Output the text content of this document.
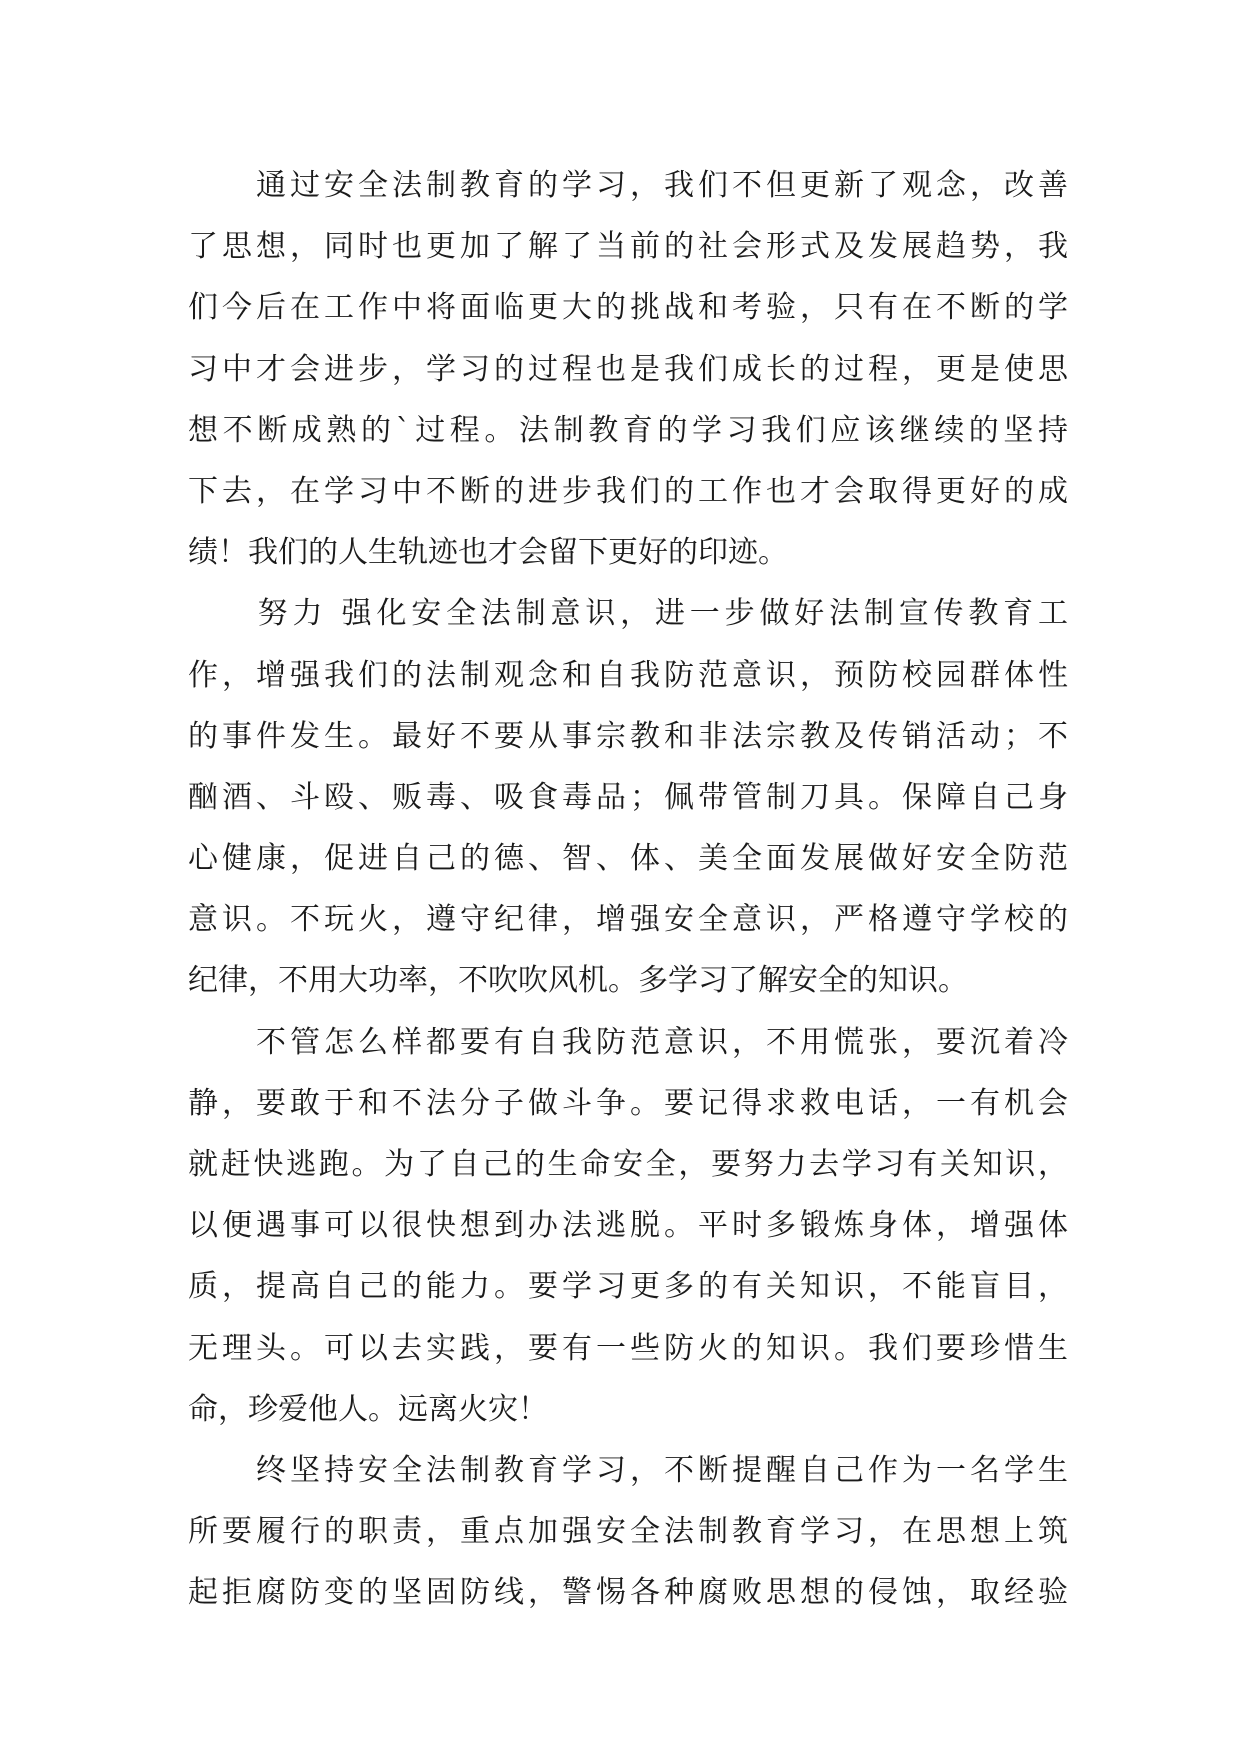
　　通过安全法制教育的学习，我们不但更新了观念，改善
了思想，同时也更加了解了当前的社会形式及发展趋势，我
们今后在工作中将面临更大的挑战和考验，只有在不断的学
习中才会进步，学习的过程也是我们成长的过程，更是使思
想不断成熟的`过程。法制教育的学习我们应该继续的坚持
下去，在学习中不断的进步我们的工作也才会取得更好的成
绩！我们的人生轨迹也才会留下更好的印迹。
　　努力 强化安全法制意识，进一步做好法制宣传教育工
作，增强我们的法制观念和自我防范意识，预防校园群体性
的事件发生。最好不要从事宗教和非法宗教及传销活动；不
酗酒、斗殴、贩毒、吸食毒品；佩带管制刀具。保障自己身
心健康，促进自己的德、智、体、美全面发展做好安全防范
意识。不玩火，遵守纪律，增强安全意识，严格遵守学校的
纪律，不用大功率，不吹吹风机。多学习了解安全的知识。
　　不管怎么样都要有自我防范意识，不用慌张，要沉着冷
静，要敢于和不法分子做斗争。要记得求救电话，一有机会
就赶快逃跑。为了自己的生命安全，要努力去学习有关知识，
以便遇事可以很快想到办法逃脱。平时多锻炼身体，增强体
质，提高自己的能力。要学习更多的有关知识，不能盲目，
无理头。可以去实践，要有一些防火的知识。我们要珍惜生
命，珍爱他人。远离火灾！
　　终坚持安全法制教育学习，不断提醒自己作为一名学生
所要履行的职责，重点加强安全法制教育学习，在思想上筑
起拒腐防变的坚固防线，警惕各种腐败思想的侵蚀，取经验
